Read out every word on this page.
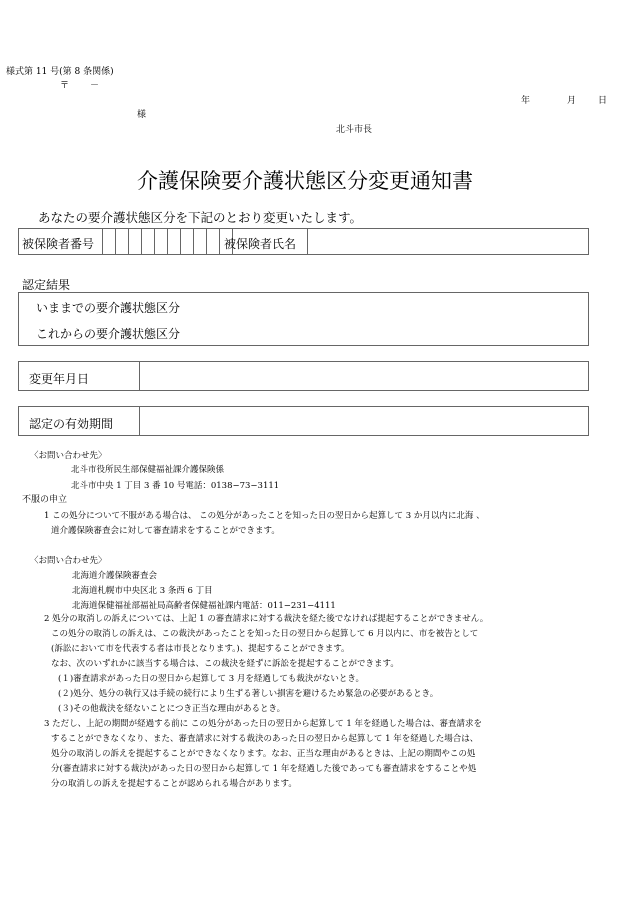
様式第 11 号(第 8 条関係)
〒 －
年	月 日
様
北斗市長
介護保険要介護状態区分変更通知書
あなたの要介護状態区分を下記のとおり変更いたします。
被保険者番号	被保険者氏名
認定結果
いままでの要介護状態区分
これからの要介護状態区分
変更年月日
認定の有効期間
〈お問い合わせ先〉
北斗市役所民生部保健福祉課介護保険係
北斗市中央 1 丁目 3 番 10 号電話：0138−73−3111
不服の申立
1 この処分について不服がある場合は、 この処分があったことを知った日の翌日から起算して 3 か月以内に北海 、
道介護保険審査会に対して審査請求をすることができます。
〈お問い合わせ先〉
北海道介護保険審査会
北海道札幌市中央区北 3 条西 6 丁目
北海道保健福祉部福祉局高齢者保健福祉課内電話：011−231−4111
2 処分の取消しの訴えについては、上記 1 の審査請求に対する裁決を経た後でなければ提起することができません。
この処分の取消しの訴えは、この裁決があったことを知った日の翌日から起算して 6 月以内に、市を被告として
(訴訟において市を代表する者は市長となります。)、提起することができます。
なお、次のいずれかに該当する場合は、この裁決を経ずに訴訟を提起することができます。
(１)審査請求があった日の翌日から起算して 3 月を経過しても裁決がないとき。
(２)処分、処分の執行又は手続の続行により生ずる著しい損害を避けるため緊急の必要があるとき。
(３)その他裁決を経ないことにつき正当な理由があるとき。
3 ただし、上記の期間が経過する前に この処分があった日の翌日から起算して 1 年を経過した場合は、審査請求を
することができなくなり、また、審査請求に対する裁決のあった日の翌日から起算して 1 年を経過した場合は、
処分の取消しの訴えを提起することができなくなります。なお、正当な理由があるときは、上記の期間やこの処
分(審査請求に対する裁決)があった日の翌日から起算して 1 年を経過した後であっても審査請求をすることや処
分の取消しの訴えを提起することが認められる場合があります。
